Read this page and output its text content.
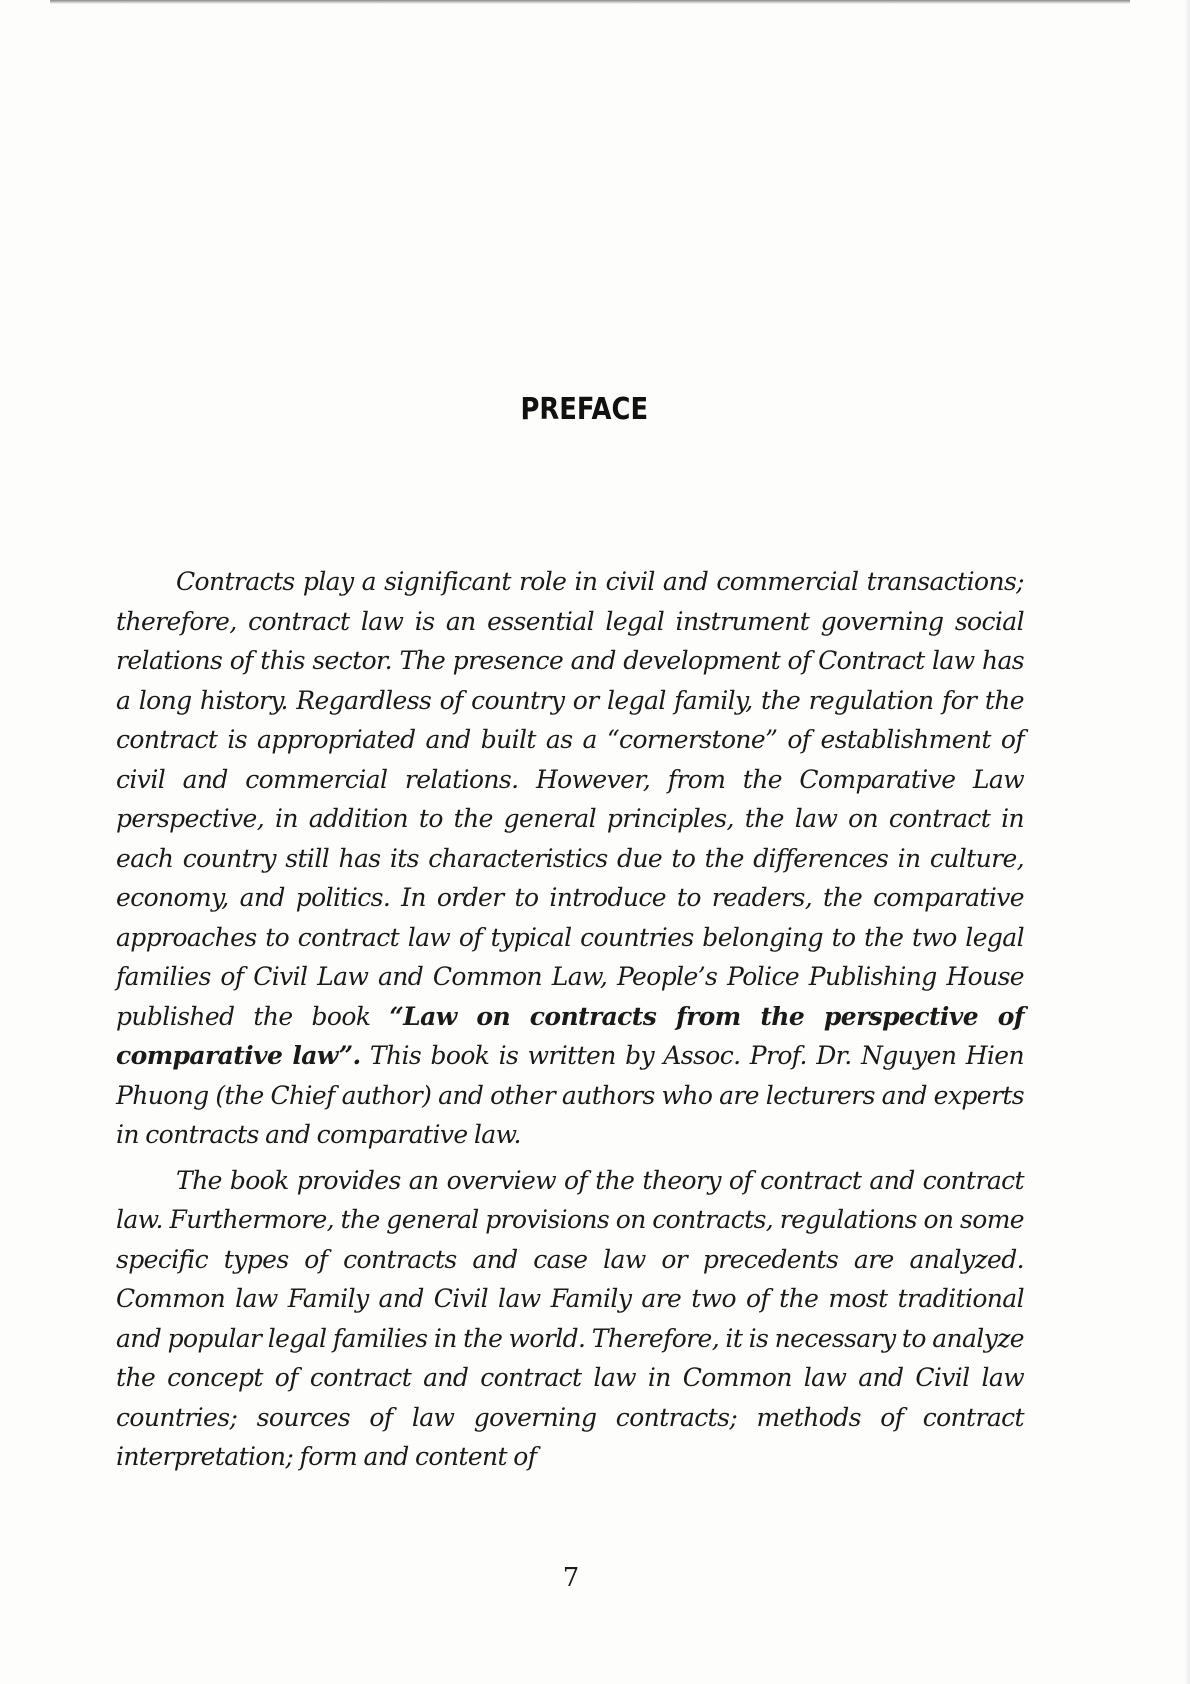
PREFACE

Contracts play a significant role in civil and commercial transactions; therefore, contract law is an essential legal instrument governing social relations of this sector. The presence and development of Contract law has a long history. Regardless of country or legal family, the regulation for the contract is appropriated and built as a “cornerstone” of establishment of civil and commercial relations. However, from the Comparative Law perspective, in addition to the general principles, the law on contract in each country still has its characteristics due to the differences in culture, economy, and politics. In order to introduce to readers, the comparative approaches to contract law of typical countries belonging to the two legal families of Civil Law and Common Law, People’s Police Publishing House published the book “Law on contracts from the perspective of comparative law”. This book is written by Assoc. Prof. Dr. Nguyen Hien Phuong (the Chief author) and other authors who are lecturers and experts in contracts and comparative law.

The book provides an overview of the theory of contract and contract law. Furthermore, the general provisions on contracts, regulations on some specific types of contracts and case law or precedents are analyzed. Common law Family and Civil law Family are two of the most traditional and popular legal families in the world. Therefore, it is necessary to analyze the concept of contract and contract law in Common law and Civil law countries; sources of law governing contracts; methods of contract interpretation; form and content of

7
